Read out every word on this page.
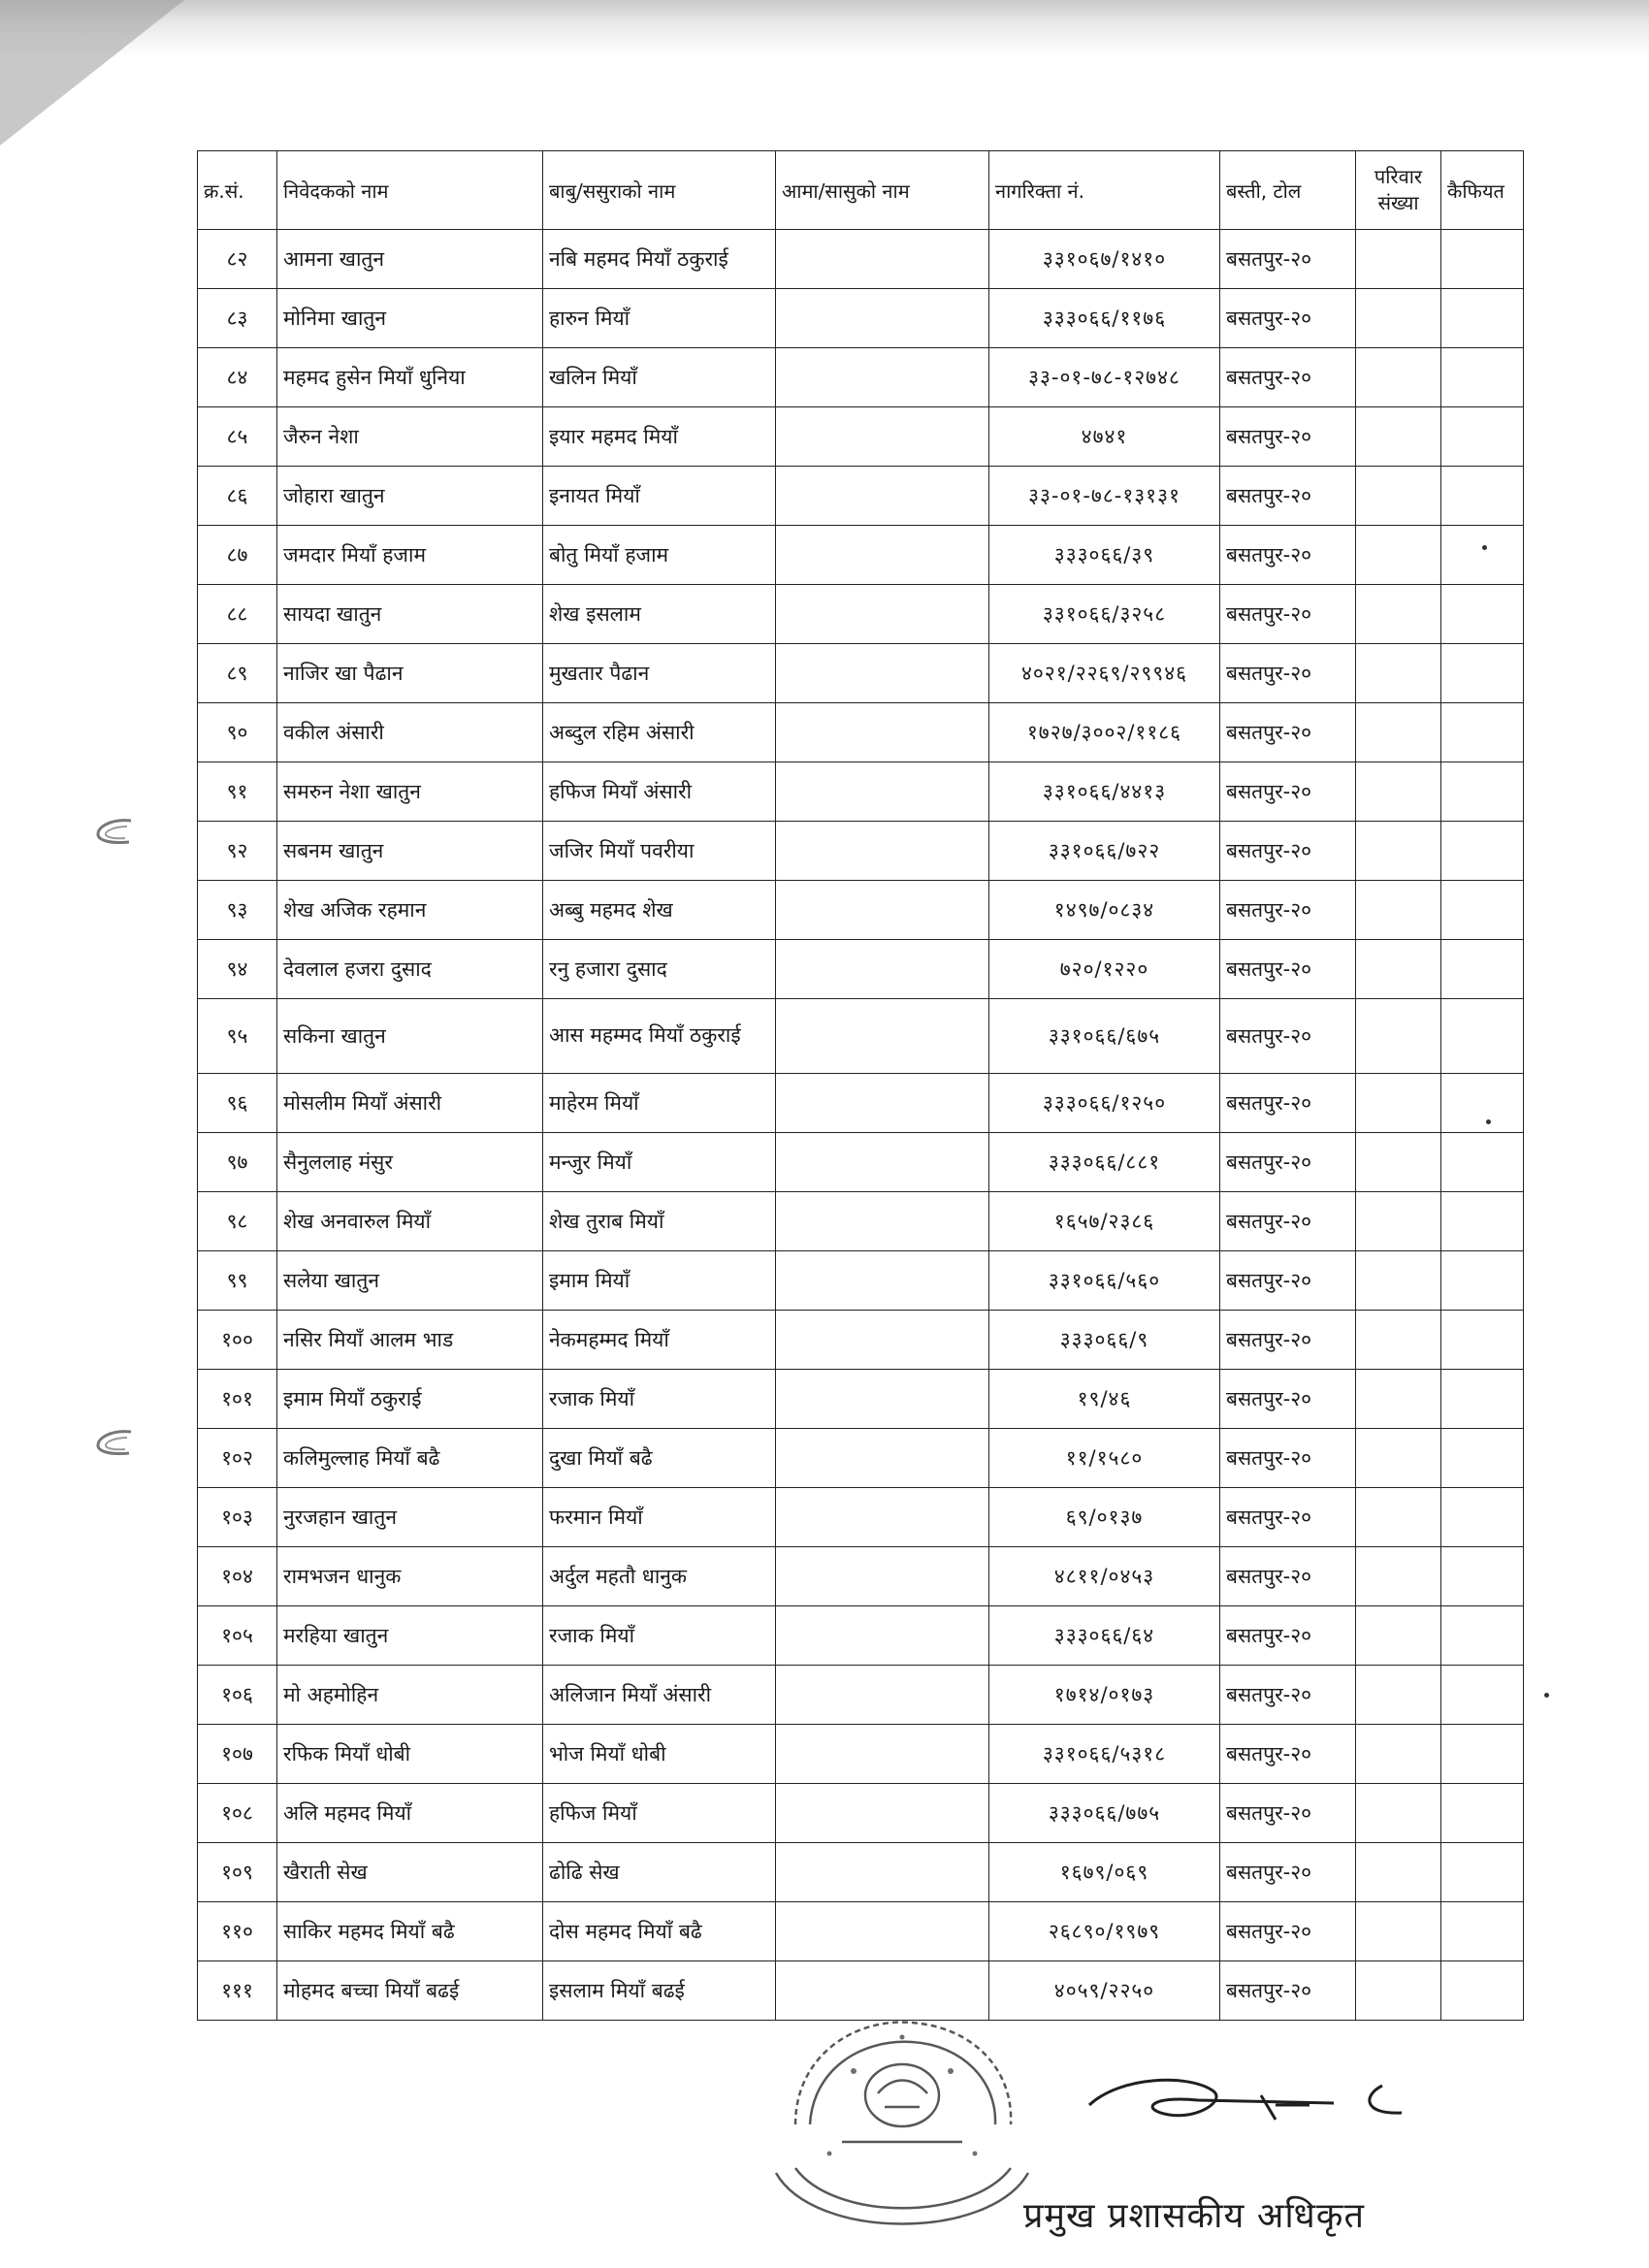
क्र.सं.	निवेदकको नाम	बाबु/ससुराको नाम	आमा/सासुको नाम	नागरिक्ता नं.	बस्ती, टोल	परिवार संख्या	कैफियत
८२	आमना खातुन	नबि महमद मियाँ ठकुराई		३३१०६७/१४१०	बसतपुर-२०		
८३	मोनिमा खातुन	हारुन मियाँ		३३३०६६/११७६	बसतपुर-२०		
८४	महमद हुसेन मियाँ धुनिया	खलिन मियाँ		३३-०१-७८-१२७४८	बसतपुर-२०		
८५	जैरुन नेशा	इयार महमद मियाँ		४७४१	बसतपुर-२०		
८६	जोहारा खातुन	इनायत मियाँ		३३-०१-७८-१३१३१	बसतपुर-२०		
८७	जमदार मियाँ हजाम	बोतु मियाँ हजाम		३३३०६६/३९	बसतपुर-२०		
८८	सायदा खातुन	शेख इसलाम		३३१०६६/३२५८	बसतपुर-२०		
८९	नाजिर खा पैढान	मुखतार पैढान		४०२१/२२६९/२९९४६	बसतपुर-२०		
९०	वकील अंसारी	अब्दुल रहिम अंसारी		१७२७/३००२/११८६	बसतपुर-२०		
९१	समरुन नेशा खातुन	हफिज मियाँ अंसारी		३३१०६६/४४१३	बसतपुर-२०		
९२	सबनम खातुन	जजिर मियाँ पवरीया		३३१०६६/७२२	बसतपुर-२०		
९३	शेख अजिक रहमान	अब्बु महमद शेख		१४९७/०८३४	बसतपुर-२०		
९४	देवलाल हजरा दुसाद	रनु हजारा दुसाद		७२०/१२२०	बसतपुर-२०		
९५	सकिना खातुन	आस महम्मद मियाँ ठकुराई		३३१०६६/६७५	बसतपुर-२०		
९६	मोसलीम मियाँ अंसारी	माहेरम मियाँ		३३३०६६/१२५०	बसतपुर-२०		
९७	सैनुललाह मंसुर	मन्जुर मियाँ		३३३०६६/८८१	बसतपुर-२०		
९८	शेख अनवारुल मियाँ	शेख तुराब मियाँ		१६५७/२३८६	बसतपुर-२०		
९९	सलेया खातुन	इमाम मियाँ		३३१०६६/५६०	बसतपुर-२०		
१००	नसिर मियाँ आलम भाड	नेकमहम्मद मियाँ		३३३०६६/९	बसतपुर-२०		
१०१	इमाम मियाँ ठकुराई	रजाक मियाँ		१९/४६	बसतपुर-२०		
१०२	कलिमुल्लाह मियाँ बढै	दुखा मियाँ बढै		११/१५८०	बसतपुर-२०		
१०३	नुरजहान खातुन	फरमान मियाँ		६९/०१३७	बसतपुर-२०		
१०४	रामभजन धानुक	अर्दुल महतौ धानुक		४८११/०४५३	बसतपुर-२०		
१०५	मरहिया खातुन	रजाक मियाँ		३३३०६६/६४	बसतपुर-२०		
१०६	मो अहमोहिन	अलिजान मियाँ अंसारी		१७१४/०१७३	बसतपुर-२०		
१०७	रफिक मियाँ धोबी	भोज मियाँ धोबी		३३१०६६/५३१८	बसतपुर-२०		
१०८	अलि महमद मियाँ	हफिज मियाँ		३३३०६६/७७५	बसतपुर-२०		
१०९	खैराती सेख	ढोढि सेख		१६७९/०६९	बसतपुर-२०		
११०	साकिर महमद मियाँ बढै	दोस महमद मियाँ बढै		२६८९०/१९७९	बसतपुर-२०		
१११	मोहमद बच्चा मियाँ बढई	इसलाम मियाँ बढई		४०५९/२२५०	बसतपुर-२०		
प्रमुख प्रशासकीय अधिकृत
